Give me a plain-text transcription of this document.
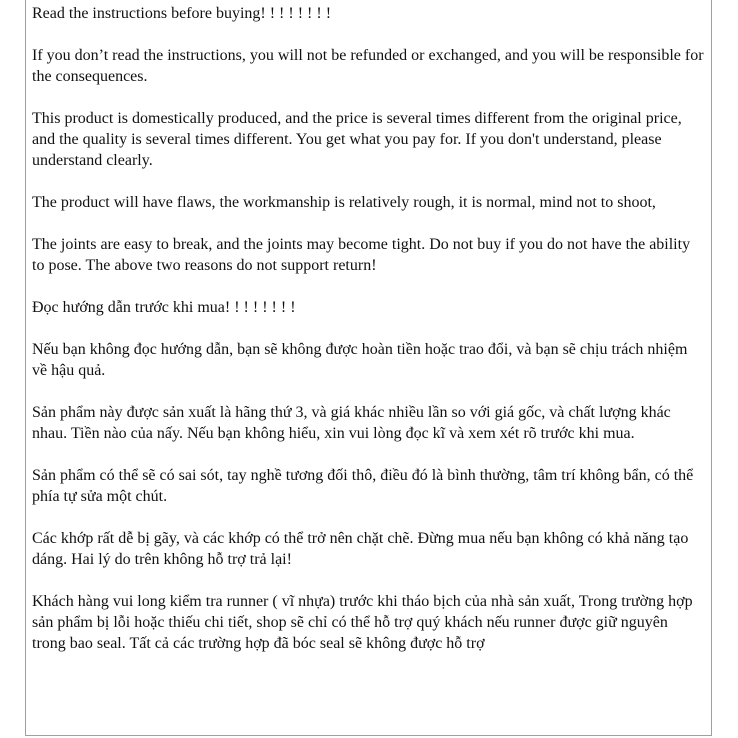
Read the instructions before buying! ! ! ! ! ! ! !

If you don’t read the instructions, you will not be refunded or exchanged, and you will be responsible for the consequences.

This product is domestically produced, and the price is several times different from the original price, and the quality is several times different. You get what you pay for. If you don't understand, please understand clearly.

The product will have flaws, the workmanship is relatively rough, it is normal, mind not to shoot,

The joints are easy to break, and the joints may become tight. Do not buy if you do not have the ability to pose. The above two reasons do not support return!

Đọc hướng dẫn trước khi mua! ! ! ! ! ! ! !

Nếu bạn không đọc hướng dẫn, bạn sẽ không được hoàn tiền hoặc trao đổi, và bạn sẽ chịu trách nhiệm về hậu quả.

Sản phẩm này được sản xuất là hãng thứ 3, và giá khác nhiều lần so với giá gốc, và chất lượng khác nhau. Tiền nào của nấy. Nếu bạn không hiểu, xin vui lòng đọc kĩ và xem xét rõ trước khi mua.

Sản phẩm có thể sẽ có sai sót, tay nghề tương đối thô, điều đó là bình thường, tâm trí không bẩn, có thể phía tự sửa một chút.

Các khớp rất dễ bị gãy, và các khớp có thể trở nên chặt chẽ. Đừng mua nếu bạn không có khả năng tạo dáng. Hai lý do trên không hỗ trợ trả lại!

Khách hàng vui long kiểm tra runner ( vĩ nhựa) trước khi tháo bịch của nhà sản xuất, Trong trường hợp sản phẩm bị lỗi hoặc thiếu chi tiết, shop sẽ chỉ có thể hỗ trợ quý khách nếu runner được giữ nguyên trong bao seal. Tất cả các trường hợp đã bóc seal sẽ không được hỗ trợ
